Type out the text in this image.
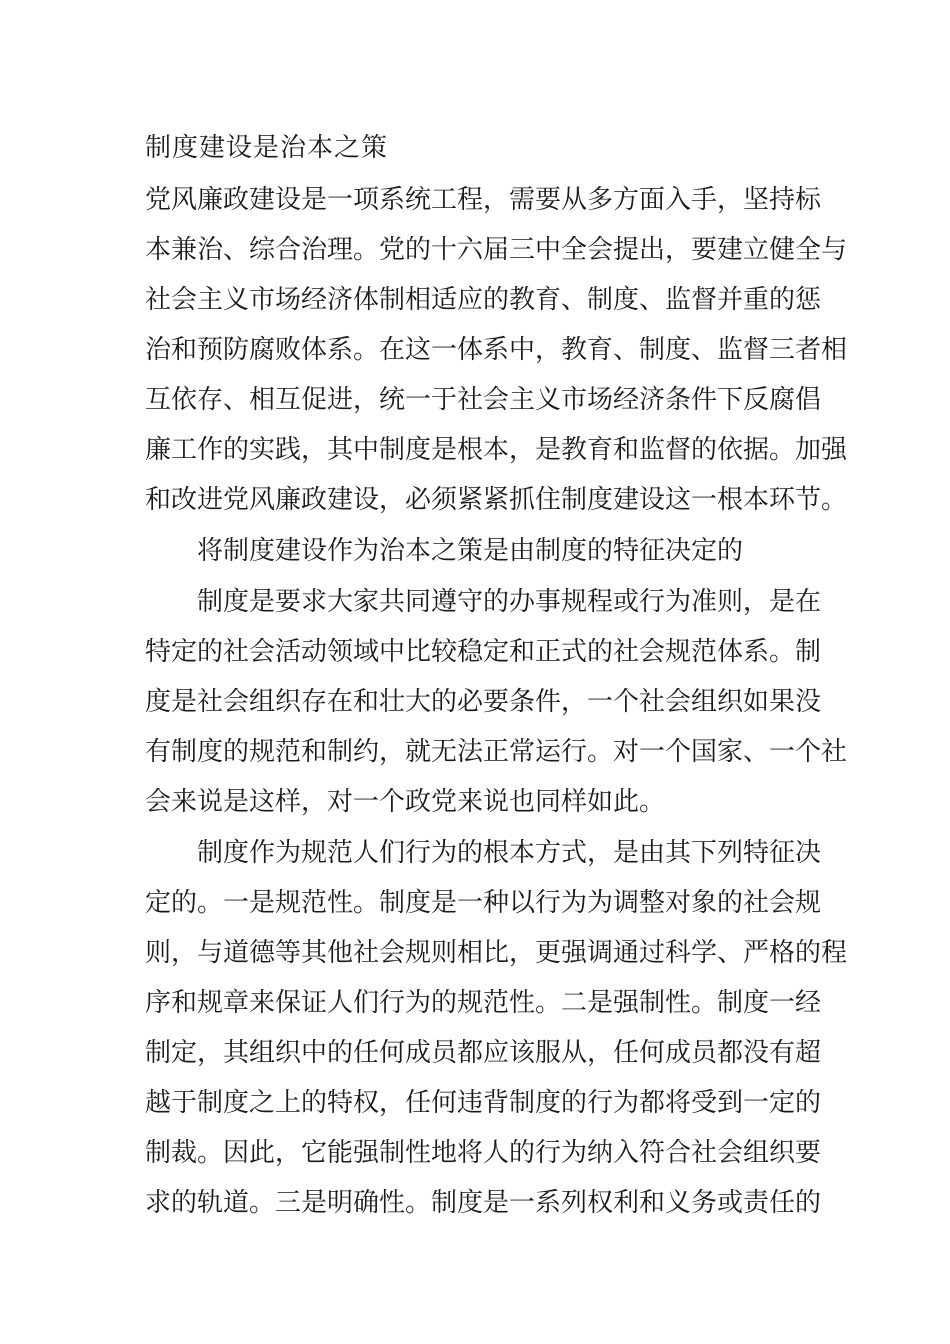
制度建设是治本之策
党风廉政建设是一项系统工程，需要从多方面入手，坚持标
本兼治、综合治理。党的十六届三中全会提出，要建立健全与
社会主义市场经济体制相适应的教育、制度、监督并重的惩
治和预防腐败体系。在这一体系中，教育、制度、监督三者相
互依存、相互促进，统一于社会主义市场经济条件下反腐倡
廉工作的实践，其中制度是根本，是教育和监督的依据。加强
和改进党风廉政建设，必须紧紧抓住制度建设这一根本环节。
将制度建设作为治本之策是由制度的特征决定的
制度是要求大家共同遵守的办事规程或行为准则，是在
特定的社会活动领域中比较稳定和正式的社会规范体系。制
度是社会组织存在和壮大的必要条件，一个社会组织如果没
有制度的规范和制约，就无法正常运行。对一个国家、一个社
会来说是这样，对一个政党来说也同样如此。
制度作为规范人们行为的根本方式，是由其下列特征决
定的。一是规范性。制度是一种以行为为调整对象的社会规
则，与道德等其他社会规则相比，更强调通过科学、严格的程
序和规章来保证人们行为的规范性。二是强制性。制度一经
制定，其组织中的任何成员都应该服从，任何成员都没有超
越于制度之上的特权，任何违背制度的行为都将受到一定的
制裁。因此，它能强制性地将人的行为纳入符合社会组织要
求的轨道。三是明确性。制度是一系列权利和义务或责任的
